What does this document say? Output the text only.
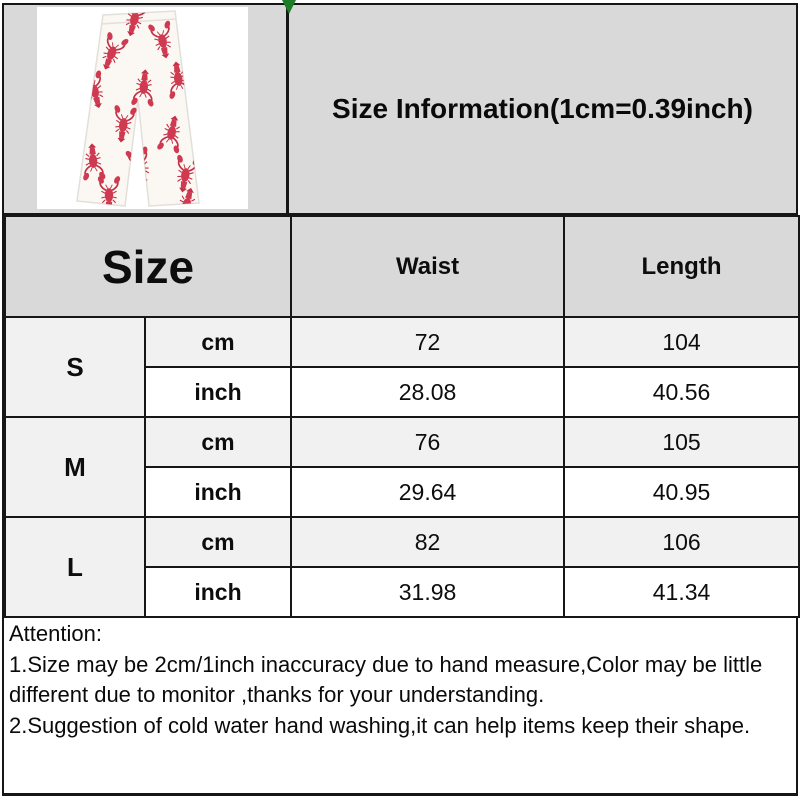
Size Information(1cm=0.39inch)
Size		Waist	Length
S	cm	72	104
	inch	28.08	40.56
M	cm	76	105
	inch	29.64	40.95
L	cm	82	106
	inch	31.98	41.34
Attention:
1.Size may be 2cm/1inch inaccuracy due to hand measure,Color may be little
different due to monitor ,thanks for your understanding.
2.Suggestion of cold water hand washing,it can help items keep their shape.
